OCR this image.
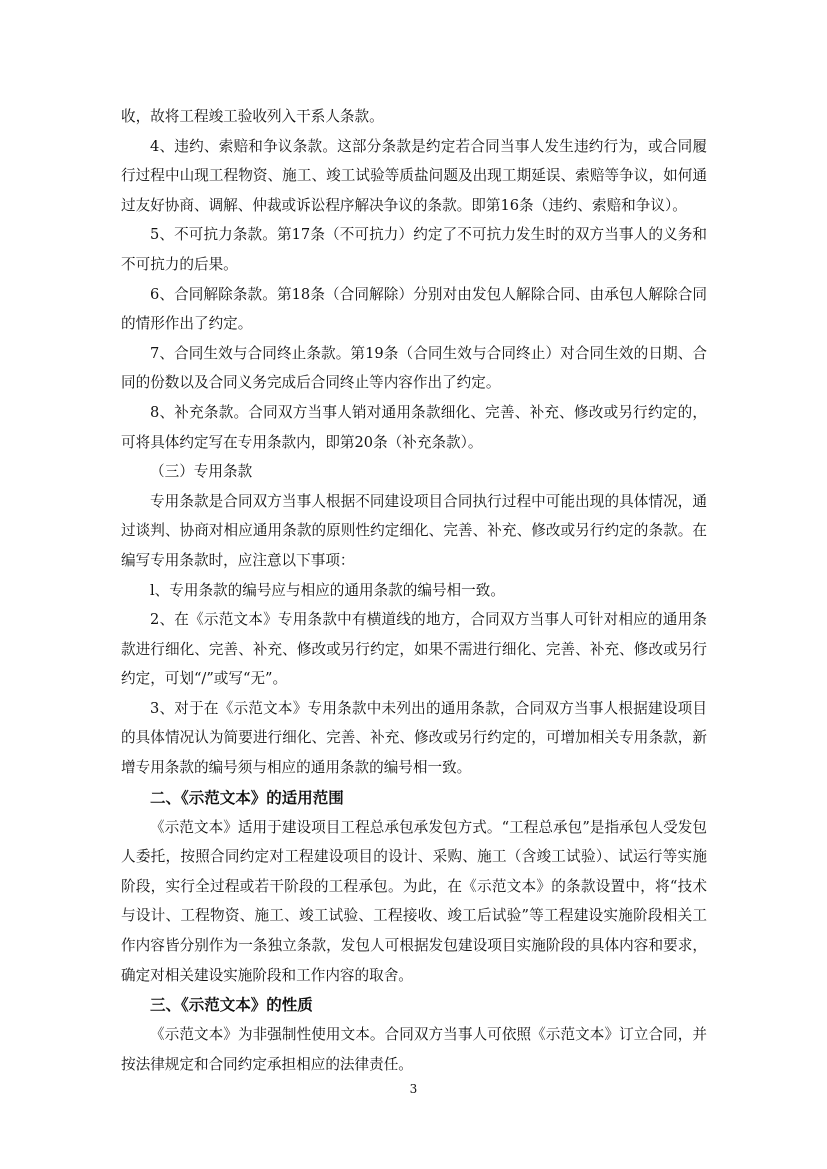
收，故将工程竣工验收列入干系人条款。

4、违约、索赔和争议条款。这部分条款是约定若合同当事人发生违约行为，或合同履行过程中山现工程物资、施工、竣工试验等质盐问题及出现工期延误、索赔等争议，如何通过友好协商、调解、仲裁或诉讼程序解决争议的条款。即第16条（违约、索赔和争议）。

5、不可抗力条款。第17条（不可抗力）约定了不可抗力发生时的双方当事人的义务和不可抗力的后果。

6、合同解除条款。第18条（合同解除）分别对由发包人解除合同、由承包人解除合同的情形作出了约定。

7、合同生效与合同终止条款。第19条（合同生效与合同终止）对合同生效的日期、合同的份数以及合同义务完成后合同终止等内容作出了约定。

8、补充条款。合同双方当事人销对通用条款细化、完善、补充、修改或另行约定的，可将具体约定写在专用条款内，即第20条（补充条款）。

（三）专用条款

专用条款是合同双方当事人根据不同建设项目合同执行过程中可能出现的具体情况，通过谈判、协商对相应通用条款的原则性约定细化、完善、补充、修改或另行约定的条款。在编写专用条款时，应注意以下事项：

l、专用条款的编号应与相应的通用条款的编号相一致。

2、在《示范文本》专用条款中有横道线的地方，合同双方当事人可针对相应的通用条款进行细化、完善、补充、修改或另行约定，如果不需进行细化、完善、补充、修改或另行约定，可划“/”或写“无”。

3、对于在《示范文本》专用条款中未列出的通用条款，合同双方当事人根据建设项目的具体情况认为简要进行细化、完善、补充、修改或另行约定的，可增加相关专用条款，新增专用条款的编号须与相应的通用条款的编号相一致。

二、《示范文本》的适用范围

《示范文本》适用于建设项目工程总承包承发包方式。“工程总承包”是指承包人受发包人委托，按照合同约定对工程建设项目的设计、采购、施工（含竣工试验）、试运行等实施阶段，实行全过程或若干阶段的工程承包。为此，在《示范文本》的条款设置中，将“技术与设计、工程物资、施工、竣工试验、工程接收、竣工后试验”等工程建设实施阶段相关工作内容皆分别作为一条独立条款，发包人可根据发包建设项目实施阶段的具体内容和要求，确定对相关建设实施阶段和工作内容的取舍。

三、《示范文本》的性质

《示范文本》为非强制性使用文本。合同双方当事人可依照《示范文本》订立合同，并按法律规定和合同约定承担相应的法律责任。

3
